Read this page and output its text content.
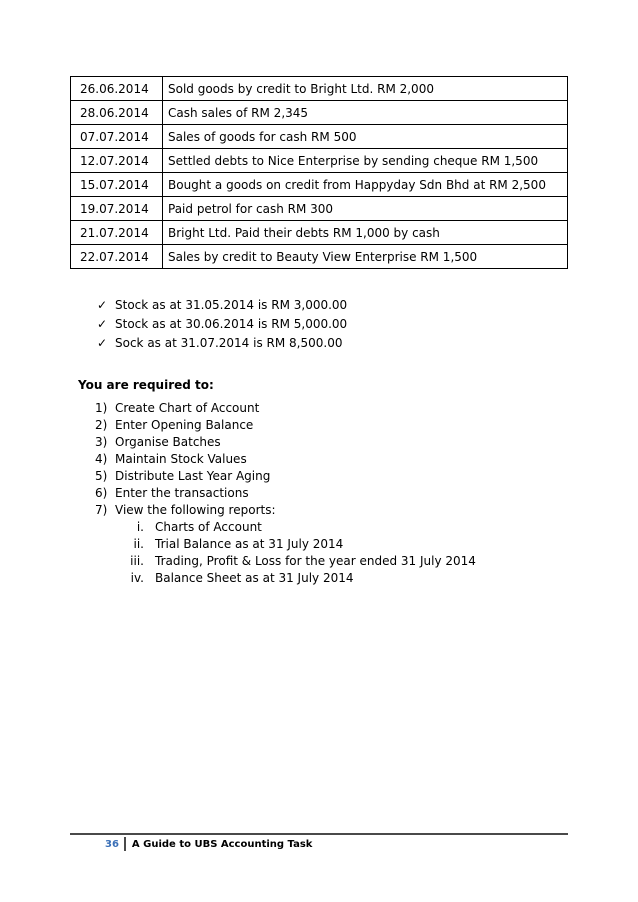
26.06.2014	Sold goods by credit to Bright Ltd. RM 2,000
28.06.2014	Cash sales of RM 2,345
07.07.2014	Sales of goods for cash RM 500
12.07.2014	Settled debts to Nice Enterprise by sending cheque RM 1,500
15.07.2014	Bought a goods on credit from Happyday Sdn Bhd at RM 2,500
19.07.2014	Paid petrol for cash RM 300
21.07.2014	Bright Ltd. Paid their debts RM 1,000 by cash
22.07.2014	Sales by credit to Beauty View Enterprise RM 1,500
✓ Stock as at 31.05.2014 is RM 3,000.00
✓ Stock as at 30.06.2014 is RM 5,000.00
✓ Sock as at 31.07.2014 is RM 8,500.00

You are required to:

1) Create Chart of Account
2) Enter Opening Balance
3) Organise Batches
4) Maintain Stock Values
5) Distribute Last Year Aging
6) Enter the transactions
7) View the following reports:
i. Charts of Account
ii. Trial Balance as at 31 July 2014
iii. Trading, Profit & Loss for the year ended 31 July 2014
iv. Balance Sheet as at 31 July 2014
36	A Guide to UBS Accounting Task
